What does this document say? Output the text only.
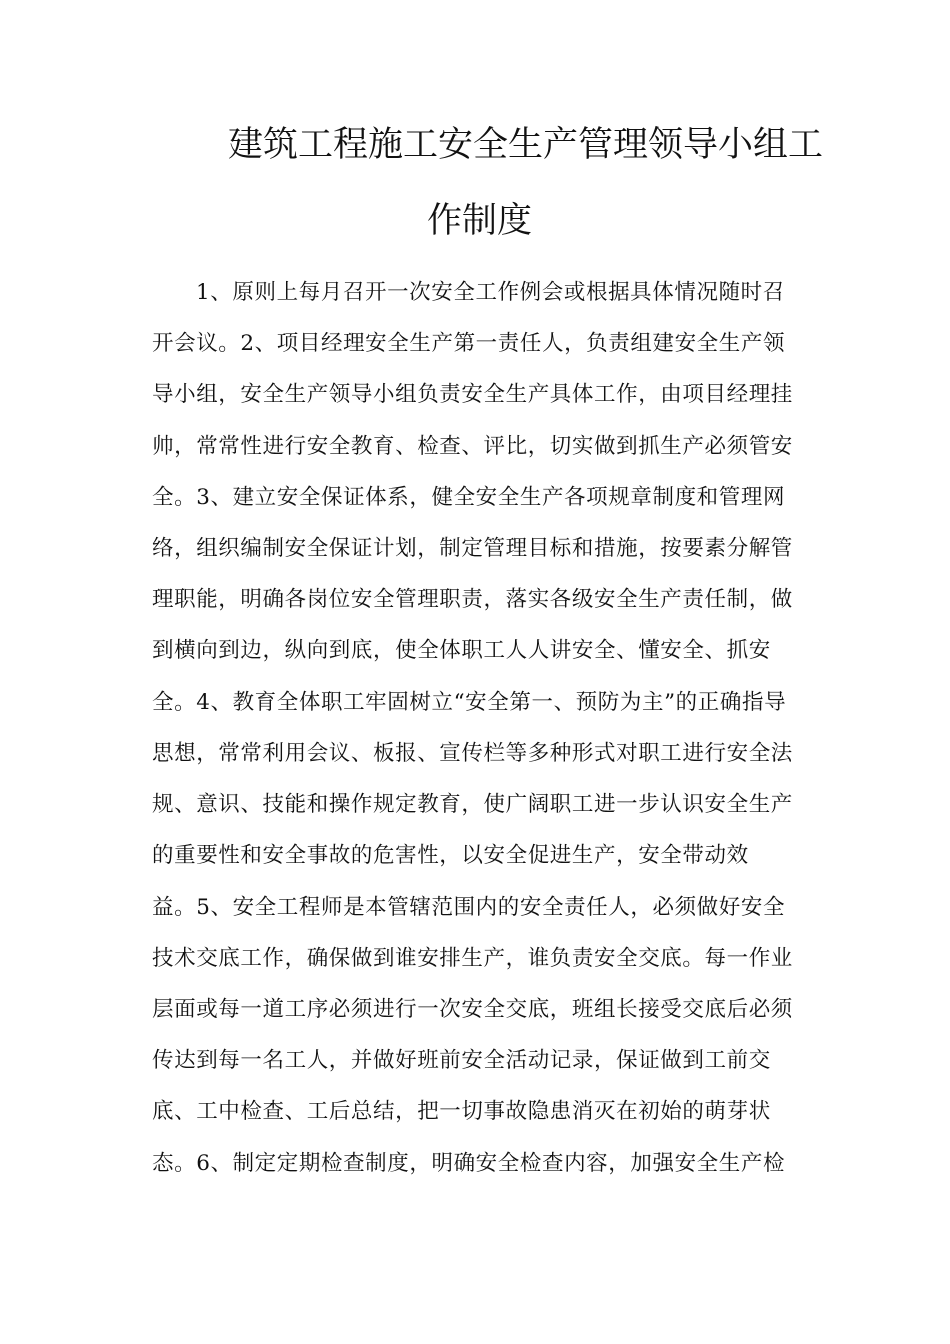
建筑工程施工安全生产管理领导小组工
作制度
1、原则上每月召开一次安全工作例会或根据具体情况随时召
开会议。2、项目经理安全生产第一责任人，负责组建安全生产领
导小组，安全生产领导小组负责安全生产具体工作，由项目经理挂
帅，常常性进行安全教育、检查、评比，切实做到抓生产必须管安
全。3、建立安全保证体系，健全安全生产各项规章制度和管理网
络，组织编制安全保证计划，制定管理目标和措施，按要素分解管
理职能，明确各岗位安全管理职责，落实各级安全生产责任制，做
到横向到边，纵向到底，使全体职工人人讲安全、懂安全、抓安
全。4、教育全体职工牢固树立“安全第一、预防为主”的正确指导
思想，常常利用会议、板报、宣传栏等多种形式对职工进行安全法
规、意识、技能和操作规定教育，使广阔职工进一步认识安全生产
的重要性和安全事故的危害性，以安全促进生产，安全带动效
益。5、安全工程师是本管辖范围内的安全责任人，必须做好安全
技术交底工作，确保做到谁安排生产，谁负责安全交底。每一作业
层面或每一道工序必须进行一次安全交底，班组长接受交底后必须
传达到每一名工人，并做好班前安全活动记录，保证做到工前交
底、工中检查、工后总结，把一切事故隐患消灭在初始的萌芽状
态。6、制定定期检查制度，明确安全检查内容，加强安全生产检
